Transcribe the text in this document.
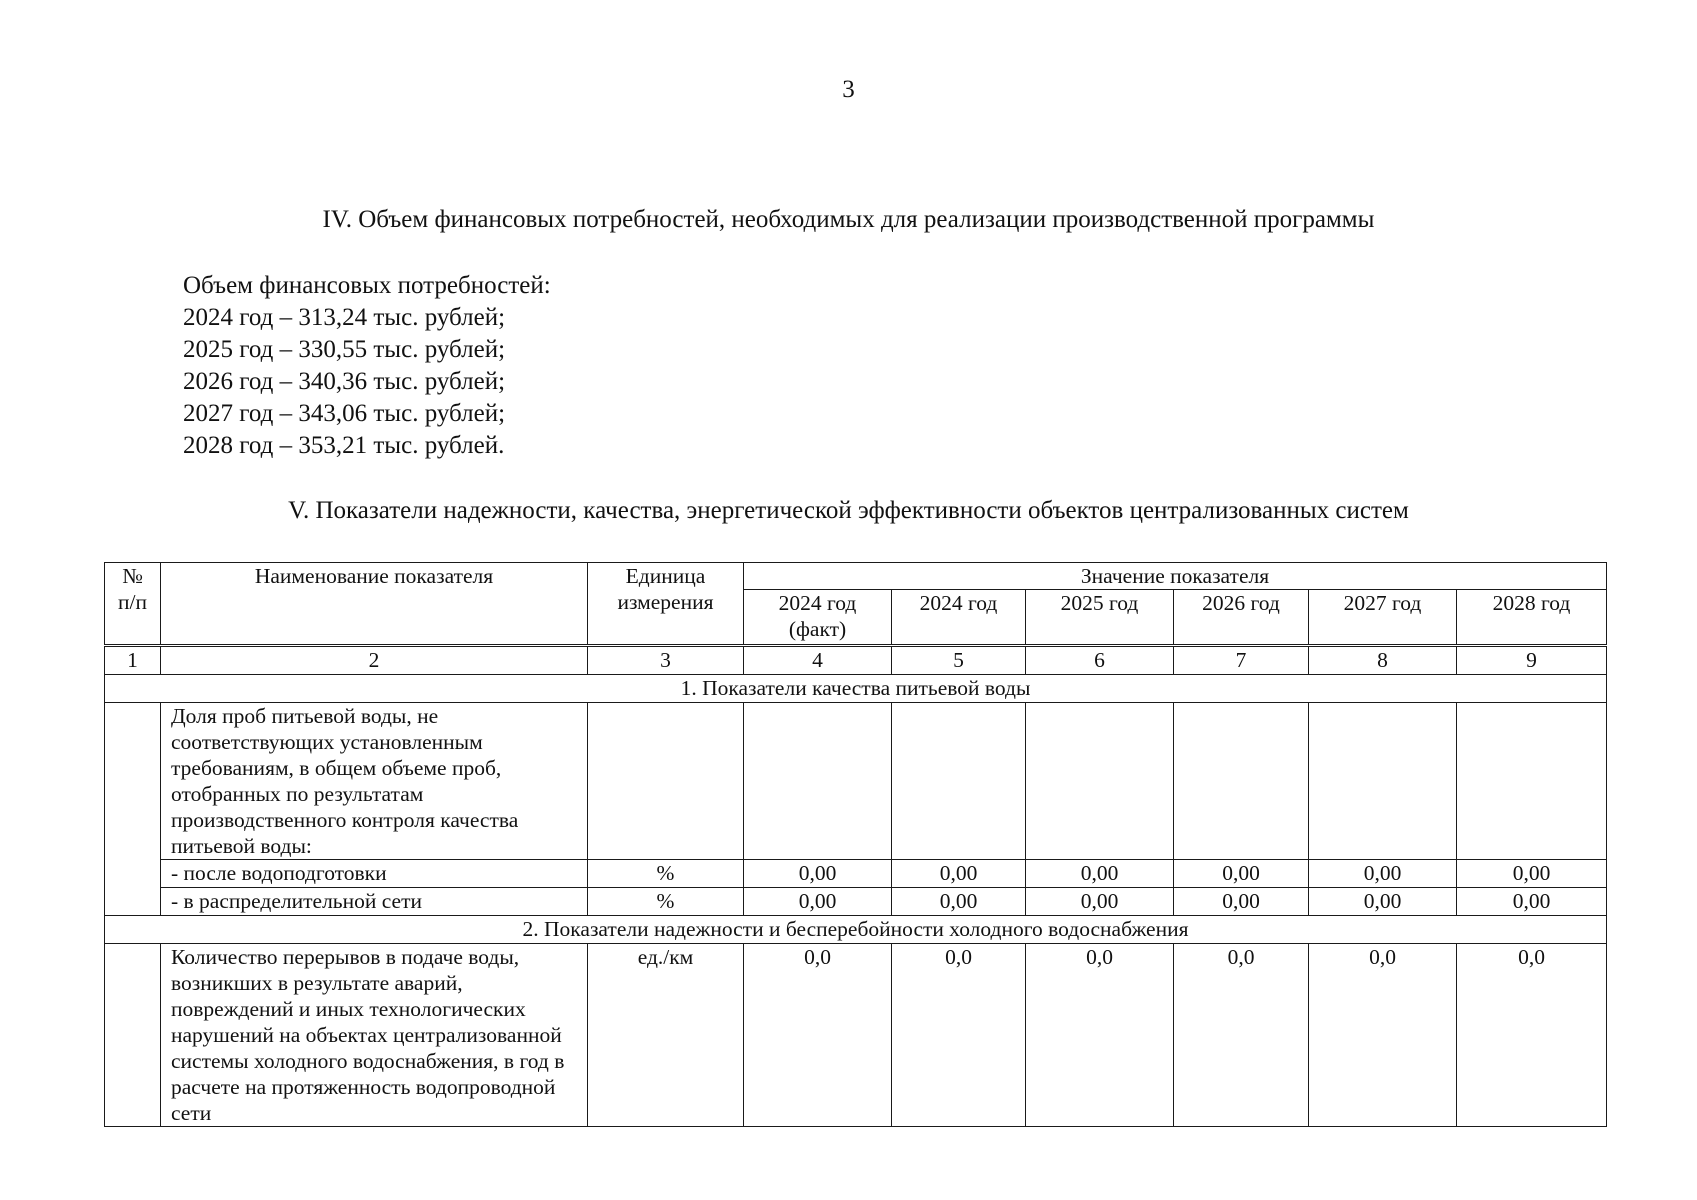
3
IV. Объем финансовых потребностей, необходимых для реализации производственной программы
Объем финансовых потребностей:
2024 год – 313,24 тыс. рублей;
2025 год – 330,55 тыс. рублей;
2026 год – 340,36 тыс. рублей;
2027 год – 343,06 тыс. рублей;
2028 год – 353,21 тыс. рублей.
V. Показатели надежности, качества, энергетической эффективности объектов централизованных систем
№ п/п	Наименование показателя	Единица измерения	Значение показателя					
			2024 год (факт)	2024 год	2025 год	2026 год	2027 год	2028 год
1	2	3	4	5	6	7	8	9
1. Показатели качества питьевой воды								
	Доля проб питьевой воды, не соответствующих установленным требованиям, в общем объеме проб, отобранных по результатам производственного контроля качества питьевой воды:							
	- после водоподготовки	%	0,00	0,00	0,00	0,00	0,00	0,00
	- в распределительной сети	%	0,00	0,00	0,00	0,00	0,00	0,00
2. Показатели надежности и бесперебойности холодного водоснабжения								
	Количество перерывов в подаче воды, возникших в результате аварий, повреждений и иных технологических нарушений на объектах централизованной системы холодного водоснабжения, в год в расчете на протяженность водопроводной сети	ед./км	0,0	0,0	0,0	0,0	0,0	0,0
